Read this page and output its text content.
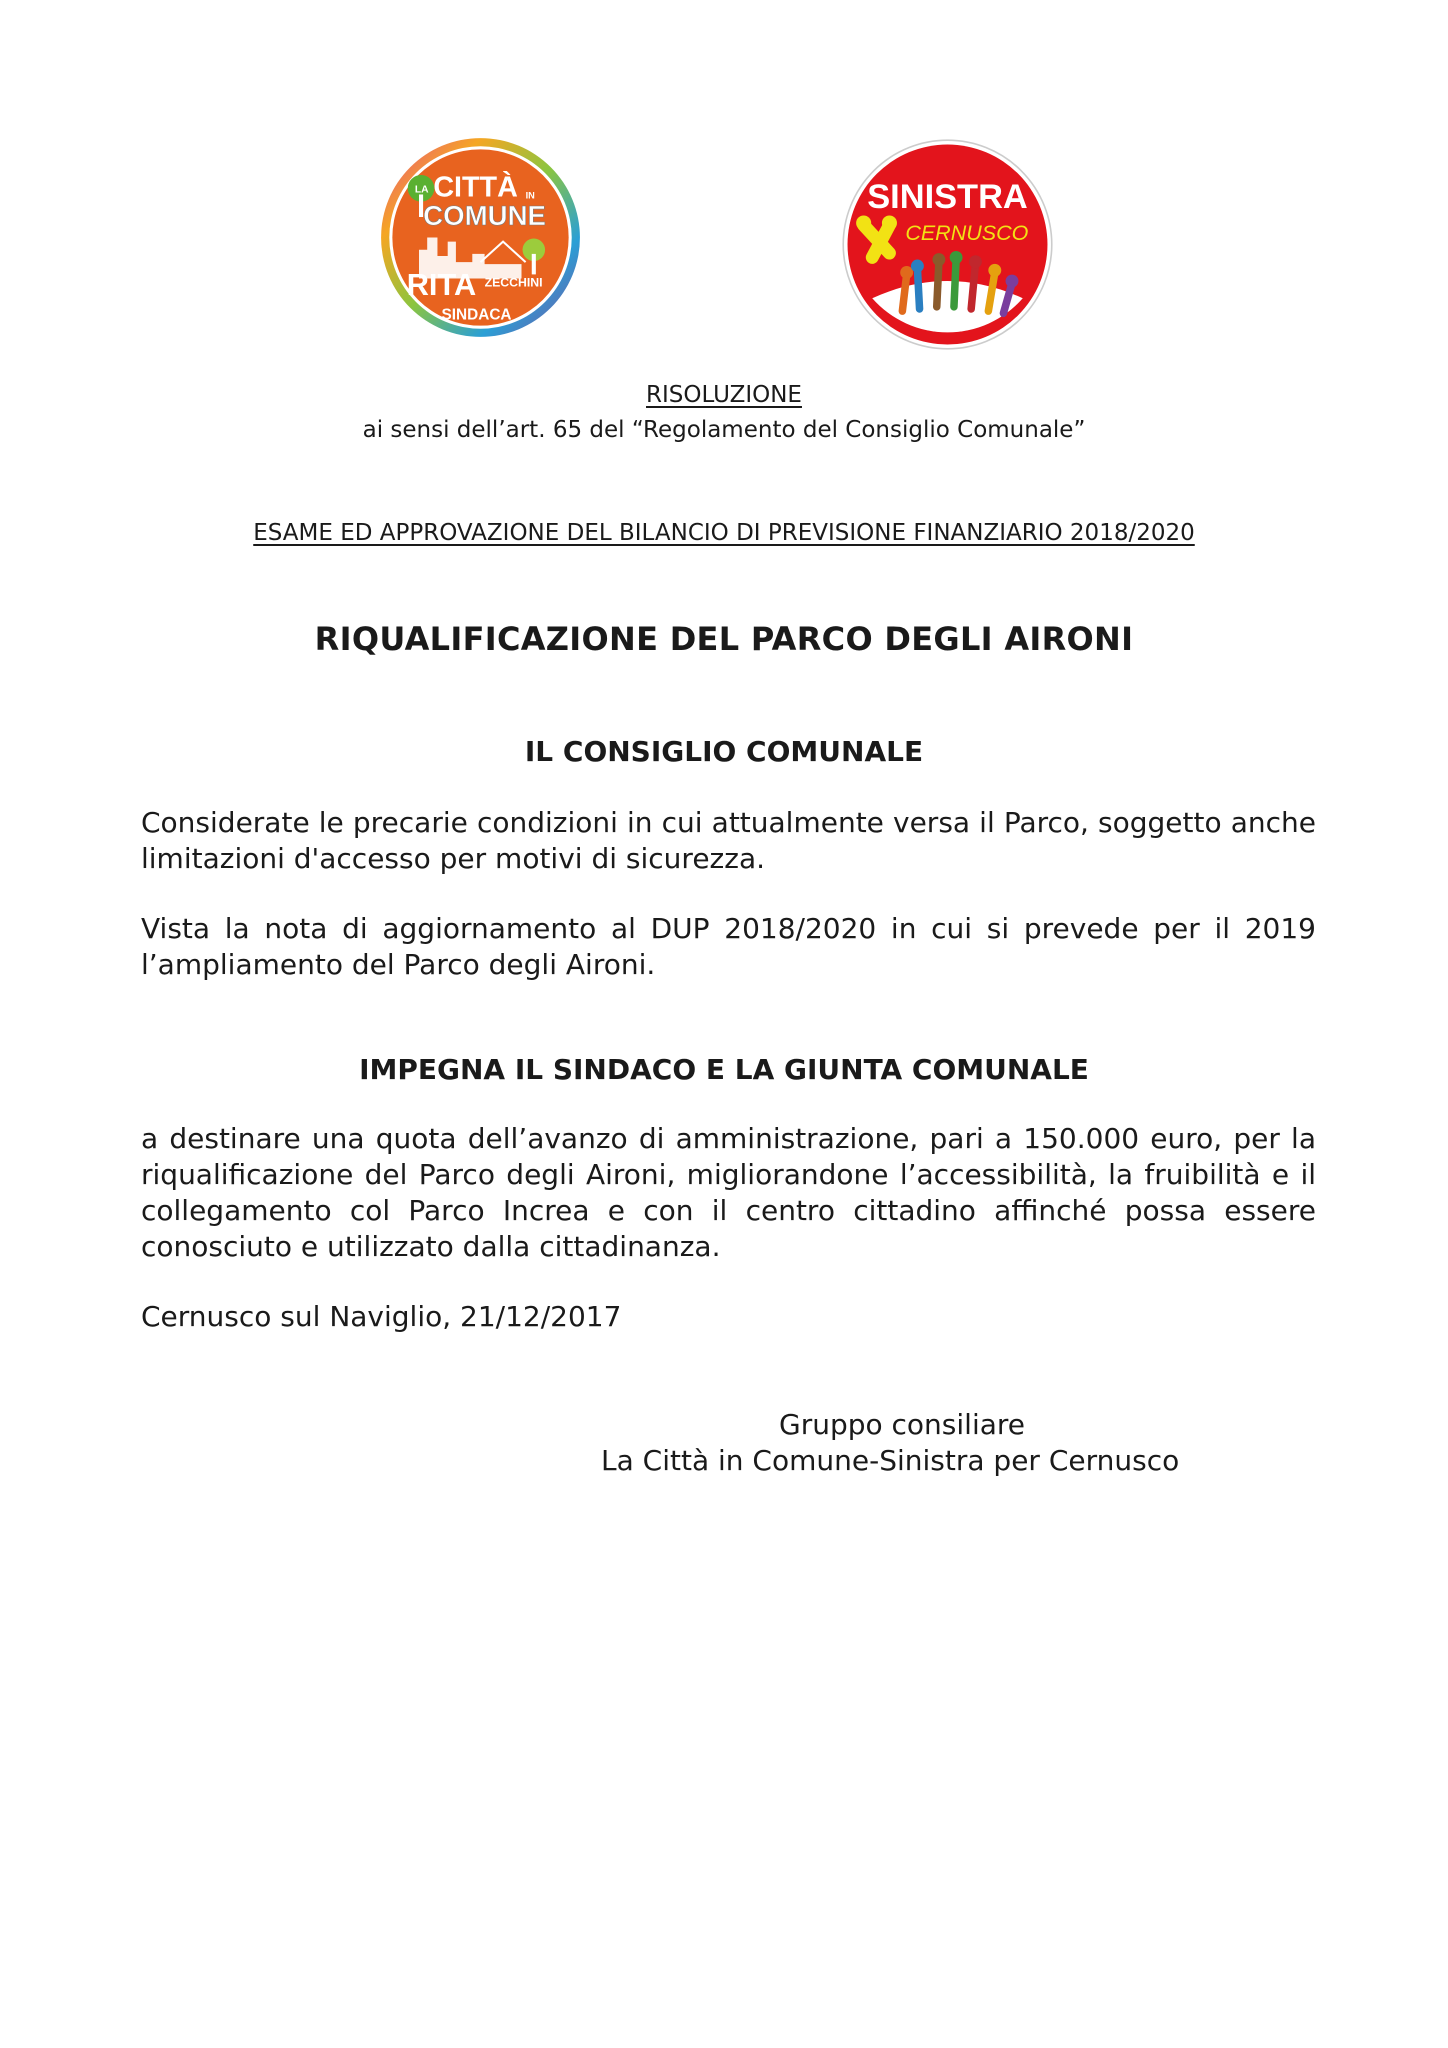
LA CITTÀ IN
COMUNE
RITA ZECCHINI
SINDACA
SINISTRA
CERNUSCO
RISOLUZIONE
ai sensi dell’art. 65 del “Regolamento del Consiglio Comunale”
ESAME ED APPROVAZIONE DEL BILANCIO DI PREVISIONE FINANZIARIO 2018/2020
RIQUALIFICAZIONE DEL PARCO DEGLI AIRONI
IL CONSIGLIO COMUNALE
Considerate le precarie condizioni in cui attualmente versa il Parco, soggetto anche limitazioni d'accesso per motivi di sicurezza.
Vista la nota di aggiornamento al DUP 2018/2020 in cui si prevede per il 2019 l’ampliamento del Parco degli Aironi.
IMPEGNA IL SINDACO E LA GIUNTA COMUNALE
a destinare una quota dell’avanzo di amministrazione, pari a 150.000 euro, per la riqualificazione del Parco degli Aironi, migliorandone l’accessibilità, la fruibilità e il collegamento col Parco Increa e con il centro cittadino affinché possa essere conosciuto e utilizzato dalla cittadinanza.
Cernusco sul Naviglio, 21/12/2017
Gruppo consiliare
La Città in Comune-Sinistra per Cernusco
